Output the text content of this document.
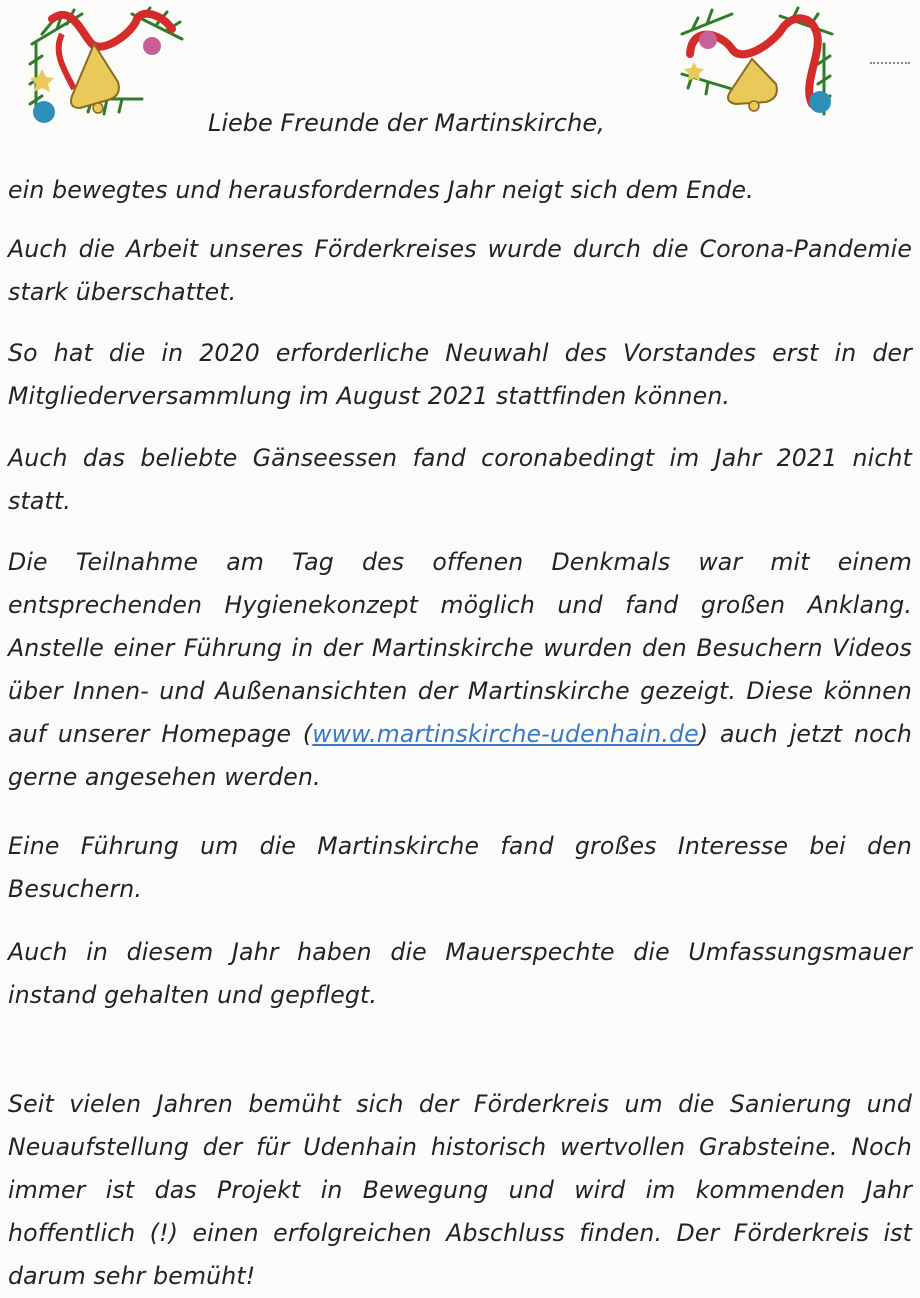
Liebe Freunde der Martinskirche,

ein bewegtes und herausforderndes Jahr neigt sich dem Ende.

Auch die Arbeit unseres Förderkreises wurde durch die Corona-Pandemie stark überschattet.

So hat die in 2020 erforderliche Neuwahl des Vorstandes erst in der Mitgliederversammlung im August 2021 stattfinden können.

Auch das beliebte Gänseessen fand coronabedingt im Jahr 2021 nicht statt.

Die Teilnahme am Tag des offenen Denkmals war mit einem entsprechenden Hygienekonzept möglich und fand großen Anklang. Anstelle einer Führung in der Martinskirche wurden den Besuchern Videos über Innen- und Außenansichten der Martinskirche gezeigt. Diese können auf unserer Homepage (www.martinskirche-udenhain.de) auch jetzt noch gerne angesehen werden.

Eine Führung um die Martinskirche fand großes Interesse bei den Besuchern.

Auch in diesem Jahr haben die Mauerspechte die Umfassungsmauer instand gehalten und gepflegt.

Seit vielen Jahren bemüht sich der Förderkreis um die Sanierung und Neuaufstellung der für Udenhain historisch wertvollen Grabsteine. Noch immer ist das Projekt in Bewegung und wird im kommenden Jahr hoffentlich (!) einen erfolgreichen Abschluss finden. Der Förderkreis ist darum sehr bemüht!
